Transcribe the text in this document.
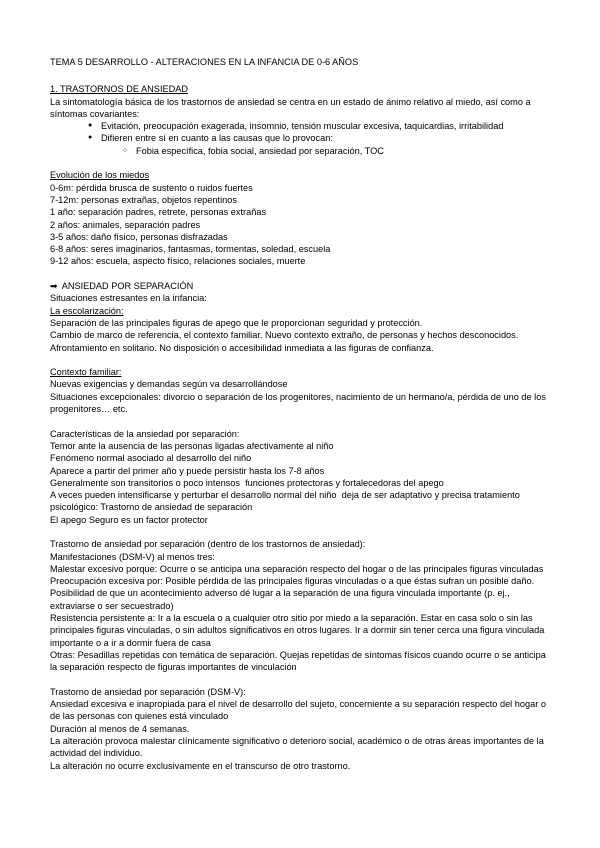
TEMA 5 DESARROLLO - ALTERACIONES EN LA INFANCIA DE 0-6 AÑOS

1. TRASTORNOS DE ANSIEDAD

La sintomatología básica de los trastornos de ansiedad se centra en un estado de ánimo relativo al miedo, así como a síntomas covariantes:

● Evitación, preocupación exagerada, insomnio, tensión muscular excesiva, taquicardias, irritabilidad
● Difieren entre sí en cuanto a las causas que lo provocan:
○ Fobia específica, fobia social, ansiedad por separación, TOC

Evolución de los miedos

0-6m: pérdida brusca de sustento o ruidos fuertes

7-12m: personas extrañas, objetos repentinos

1 año: separación padres, retrete, personas extrañas

2 años: animales, separación padres

3-5 años: daño físico, personas disfrazadas

6-8 años: seres imaginarios, fantasmas, tormentas, soledad, escuela

9-12 años: escuela, aspecto físico, relaciones sociales, muerte

➡ ANSIEDAD POR SEPARACIÓN

Situaciones estresantes en la infancia:

La escolarización:

Separación de las principales figuras de apego que le proporcionan seguridad y protección.

Cambio de marco de referencia, el contexto familiar. Nuevo contexto extraño, de personas y hechos desconocidos.

Afrontamiento en solitario. No disposición o accesibilidad inmediata a las figuras de confianza.

Contexto familiar:

Nuevas exigencias y demandas según va desarrollándose

Situaciones excepcionales: divorcio o separación de los progenitores, nacimiento de un hermano/a, pérdida de uno de los progenitores… etc.

Características de la ansiedad por separación:

Temor ante la ausencia de las personas ligadas afectivamente al niño

Fenómeno normal asociado al desarrollo del niño

Aparece a partir del primer año y puede persistir hasta los 7-8 años

Generalmente son transitorios o poco intensos  funciones protectoras y fortalecedoras del apego

A veces pueden intensificarse y perturbar el desarrollo normal del niño  deja de ser adaptativo y precisa tratamiento psicológico: Trastorno de ansiedad de separación

El apego Seguro es un factor protector

Trastorno de ansiedad por separación (dentro de los trastornos de ansiedad):

Manifestaciones (DSM-V) al menos tres:

Malestar excesivo porque: Ocurre o se anticipa una separación respecto del hogar o de las principales figuras vinculadas

Preocupación excesiva por: Posible pérdida de las principales figuras vinculadas o a que éstas sufran un posible daño.

Posibilidad de que un acontecimiento adverso dé lugar a la separación de una figura vinculada importante (p. ej., extraviarse o ser secuestrado)

Resistencia persistente a: Ir a la escuela o a cualquier otro sitio por miedo a la separación. Estar en casa solo o sin las principales figuras vinculadas, o sin adultos significativos en otros lugares. Ir a dormir sin tener cerca una figura vinculada importante o a ir a dormir fuera de casa

Otras: Pesadillas repetidas con temática de separación. Quejas repetidas de síntomas físicos cuando ocurre o se anticipa la separación respecto de figuras importantes de vinculación

Trastorno de ansiedad por separación (DSM-V):

Ansiedad excesiva e inapropiada para el nivel de desarrollo del sujeto, concerniente a su separación respecto del hogar o de las personas con quienes está vinculado

Duración al menos de 4 semanas.

La alteración provoca malestar clínicamente significativo o deterioro social, académico o de otras áreas importantes de la actividad del individuo.

La alteración no ocurre exclusivamente en el transcurso de otro trastorno.
